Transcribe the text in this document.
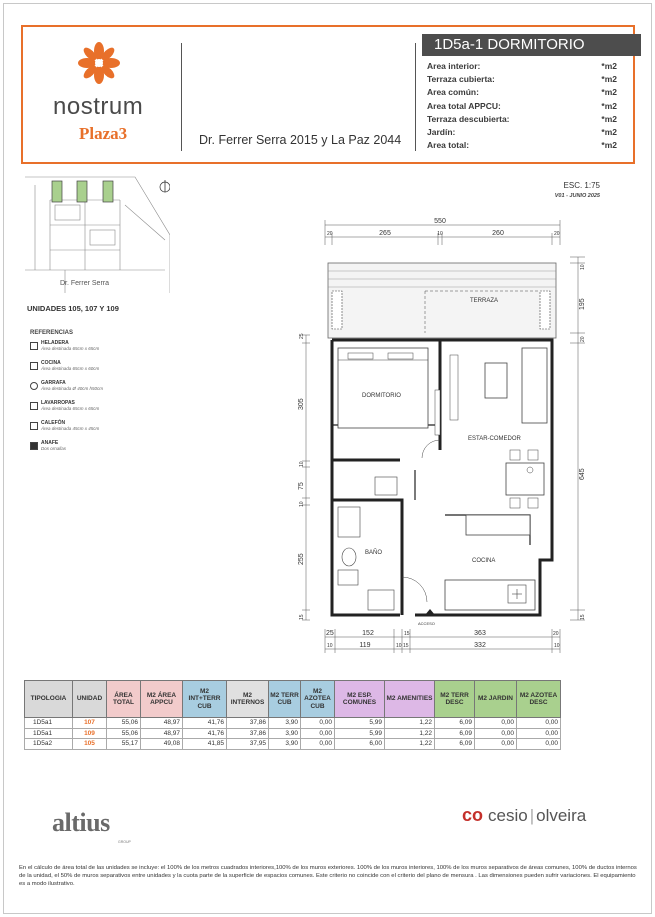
nostrum
Plaza3	Dr. Ferrer Serra 2015 y La Paz 2044
1D5a-1 DORMITORIO
Area interior:	*m2
Terraza cubierta:	*m2
Area común:	*m2
Area total APPCU:	*m2
Terraza descubierta:	*m2
Jardín:	*m2
Area total:	*m2
Dr. Ferrer Serra
UNIDADES 105, 107 Y 109
REFERENCIAS
HELADERA
Área destinada 65cm x 65cm
COCINA
Área destinada 65cm x 60cm
GARRAFA
Área destinada Ø 40cm h50cm
LAVARROPAS
Área destinada 65cm x 65cm
CALEFÓN
Área destinada 45cm x 45cm
ANAFE
Dos ornallas
ESC. 1:75
V01 - JUNIO 2025
TERRAZA
DORMITORIO
ESTAR-COMEDOR
BAÑO
COCINA
ACCESO
550
20	265	10	260	20
25
305
10
75
10
255
15
10
195
20
645
15
25	152	15	363	20
10	119	10 15	332	10
TIPOLOGIA	UNIDAD	ÁREA TOTAL	M2 ÁREA APPCU	M2 INT+TERR CUB	M2 INTERNOS	M2 TERR CUB	M2 AZOTEA CUB	M2 ESP. COMUNES	M2 AMENITIES	M2 TERR DESC	M2 JARDIN	M2 AZOTEA DESC
1D5a1	107	55,06	48,97	41,76	37,86	3,90	0,00	5,99	1,22	6,09	0,00	0,00
1D5a1	109	55,06	48,97	41,76	37,86	3,90	0,00	5,99	1,22	6,09	0,00	0,00
1D5a2	105	55,17	49,08	41,85	37,95	3,90	0,00	6,00	1,22	6,09	0,00	0,00
altius
GROUP
co cesio | olveira
En el cálculo de área total de las unidades se incluye: el 100% de los metros cuadrados interiores,100% de los muros exteriores. 100% de los muros interiores, 100% de los muros separativos de áreas comunes, 100% de ductos internos de la unidad, el 50% de muros separativos entre unidades y la cuota parte de la superficie de espacios comunes. Este criterio no coincide con el criterio del plano de mensura . Las dimensiones pueden sufrir variaciones. El equipamiento es a modo ilustrativo.
